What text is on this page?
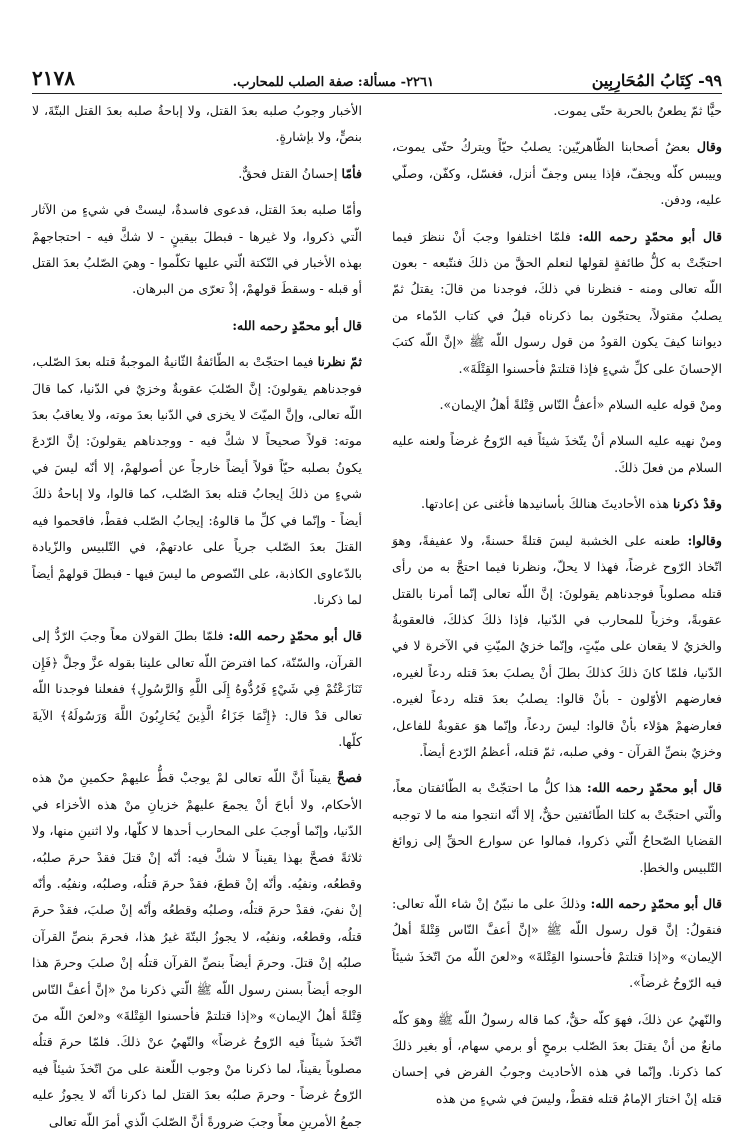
٩٩- كِتَابُ المُحَارِبِين
٢٢٦١- مسألة: صفة الصلب للمحارب.
٢١٧٨

حيًّا ثمّ يطعنُ بالحربة حتّى يموت.

وقال بعضُ أصحابنا الظّاهريّين: يصلبُ حيّاً ويتركُ حتّى يموت، وييبس كلّه ويجفّ، فإذا يبس وجفّ أنزل، فغسّل، وكفّن، وصلّي عليه، ودفن.

قال أبو محمّدٍ رحمه الله: فلمّا اختلفوا وجبَ أنْ ننظرَ فيما احتجّتْ به كلُّ طائفةٍ لقولها لنعلم الحقَّ من ذلكَ فنتّبعه - بعون اللّه تعالى ومنه - فنظرنا في ذلكَ، فوجدنا من قالَ: يقتلُ ثمّ يصلبُ مقتولاً، يحتجّون بما ذكرناه قبلُ في كتاب الدّماء من ديواننا كيفَ يكون القودُ من قول رسول اللّه ﷺ «إنَّ اللّه كتبَ الإحسانَ على كلِّ شيءٍ فإذا قتلتمْ فأحسنوا القِتْلَةَ».

ومنْ قوله عليه السلام «أعفُّ النّاس قِتْلةً أهلُ الإيمان».

ومنْ نهيه عليه السلام أنْ يتّخذَ شيئاً فيه الرّوحُ غرضاً ولعنه عليه السلام من فعلَ ذلكَ.

وقدْ ذكرنا هذه الأحاديثَ هنالكَ بأسانيدها فأغنى عن إعادتها.

وقالوا: طعنه على الخشبة ليسَ قتلةً حسنةً، ولا عفيفةً، وهوَ اتّخاذ الرّوح غرضاً، فهذا لا يحلّ، ونظرنا فيما احتجَّ به من رأى قتله مصلوباً فوجدناهم يقولونَ: إنَّ اللّه تعالى إنّما أمرنا بالقتل عقوبةً، وخزياً للمحارب في الدّنيا، فإذا ذلكَ كذلكَ، فالعقوبةُ والخزيُ لا يقعان على ميّتٍ، وإنّما خزيُ الميّتِ في الآخرة لا في الدّنيا، فلمّا كانَ ذلكَ كذلكَ بطلَ أنْ يصلبَ بعدَ قتله ردعاً لغيره، فعارضهم الأوّلون - بأنْ قالوا: يصلبُ بعدَ قتله ردعاً لغيره. فعارضهمْ هؤلاء بأنْ قالوا: ليسَ ردعاً، وإنّما هوَ عقوبةٌ للفاعل، وخزيٌ بنصِّ القرآن - وفي صلبه، ثمّ قتله، أعظمُ الرّدع أيضاً.

قال أبو محمّدٍ رحمه الله: هذا كلُّ ما احتجّتْ به الطّائفتان معاً، والّتي احتجّتْ به كلتا الطّائفتين حقٌّ، إلا أنّه انتجوا منه ما لا توجبه القضايا الصّحاحُ الّتي ذكروا، فمالوا عن سوارع الحقِّ إلى زوائغ التّلبيس والخطإ.

قال أبو محمّدٍ رحمه الله: وذلكَ على ما نبيّنُ إنْ شاء اللّه تعالى: فنقولُ: إنَّ قول رسول اللّه ﷺ «إنَّ أعفَّ النّاس قِتْلةً أهلُ الإيمان» و«إذا قتلتمْ فأحسنوا القِتْلةَ» و«لعنَ اللّه منَ اتّخذَ شيئاً فيه الرّوحُ غرضاً».

والنّهيُ عن ذلكَ، فهوَ كلّه حقٌّ، كما قاله رسولُ اللّه ﷺ وهوَ كلّه مانعٌ من أنْ يقتلَ بعدَ الصّلب برمحٍ أو برمي سهام، أو بغير ذلكَ كما ذكرنا. وإنّما في هذه الأحاديث وجوبُ الفرض في إحسان قتله إنْ اختارَ الإمامُ قتله فقطْ، وليسَ في شيءٍ من هذه

الأخبار وجوبُ صلبه بعدَ القتل، ولا إباحةُ صلبه بعدَ القتل البتّةَ، لا بنصٍّ، ولا بإشارةٍ.

فأمّا إحسانُ القتل فحقٌّ.

وأمّا صلبه بعدَ القتل، فدعوى فاسدةٌ، ليستْ في شيءٍ من الآثار الّتي ذكروا، ولا غيرها - فبطلَ بيقينٍ - لا شكَّ فيه - احتجاجهمْ بهذه الأخبار في النّكتة الّتي عليها تكلّموا - وهيَ الصّلبُ بعدَ القتل أو قبله - وسقطَ قولهمْ، إذْ تعرّى من البرهان.

قال أبو محمّدٍ رحمه الله:

ثمّ نظرنا فيما احتجّتْ به الطّائفةُ الثّانيةُ الموجبةُ قتله بعدَ الصّلب، فوجدناهم يقولونَ: إنَّ الصّلبَ عقوبةٌ وخزيٌ في الدّنيا، كما قالَ اللّه تعالى، وإنَّ الميّتَ لا يخزى في الدّنيا بعدَ موته، ولا يعاقبُ بعدَ موته: قولاً صحيحاً لا شكَّ فيه - ووجدناهم يقولونَ: إنَّ الرّدعَ يكونُ بصلبه حيّاً قولاً أيضاً خارجاً عن أصولهمْ، إلا أنّه ليسَ في شيءٍ من ذلكَ إيجابُ قتله بعدَ الصّلب، كما قالوا، ولا إباحةُ ذلكَ أيضاً - وإنّما في كلِّ ما قالوهُ: إيجابُ الصّلب فقطْ، فاقحموا فيه القتلَ بعدَ الصّلب جرياً على عادتهمْ، في التّلبيس والزّيادة بالدّعاوى الكاذبة، على النّصوص ما ليسَ فيها - فبطلَ قولهمْ أيضاً لما ذكرنا.

قال أبو محمّدٍ رحمه الله: فلمّا بطلَ القولان معاً وجبَ الرّدُّ إلى القرآن، والسّنّة، كما افترضَ اللّه تعالى علينا بقوله عزَّ وجلَّ ﴿فَإِن تَنَازَعْتُمْ فِي شَيْءٍ فَرُدُّوهُ إِلَى اللَّهِ وَالرَّسُولِ﴾ ففعلنا فوجدنا اللّه تعالى قدْ قال: ﴿إِنَّمَا جَزَاءُ الَّذِينَ يُحَارِبُونَ اللَّهَ وَرَسُولَهُ﴾ الآيةَ كلّها.

فصحَّ يقيناً أنَّ اللّه تعالى لمْ يوجبْ قطُّ عليهمْ حكمينِ منْ هذه الأحكام، ولا أباحَ أنْ يجمعَ عليهمْ خزيانِ منْ هذه الأخزاء في الدّنيا، وإنّما أوجبَ على المحارب أحدها لا كلّها، ولا اثنينِ منها، ولا ثلاثةً فصحَّ بهذا يقيناً لا شكَّ فيه: أنّه إنْ قتلَ فقدْ حرمَ صلبُه، وقطعُه، ونفيُه. وأنّه إنْ قطعَ، فقدْ حرمَ قتلُه، وصلبُه، ونفيُه. وأنّه إنْ نفيَ، فقدْ حرمَ قتلُه، وصلبُه وقطعُه وأنّه إنْ صلبَ، فقدْ حرمَ قتلُه، وقطعُه، ونفيُه، لا يجوزُ البتّةَ غيرُ هذا، فحرمَ بنصِّ القرآن صلبُه إنْ قتلَ. وحرمَ أيضاً بنصِّ القرآن قتلُه إنْ صلبَ وحرمَ هذا الوجه أيضاً بسنن رسول اللّه ﷺ الّتي ذكرنا منْ «إنَّ أعفَّ النّاس قِتْلةً أهلُ الإيمان» و«إذا قتلتمْ فأحسنوا القِتْلةَ» و«لعنَ اللّه منَ اتّخذَ شيئاً فيه الرّوحُ غرضاً» والنّهيُ عنْ ذلكَ. فلمّا حرمَ قتلُه مصلوباً يقيناً، لما ذكرنا منْ وجوب اللّعنة على منَ اتّخذَ شيئاً فيه الرّوحُ غرضاً - وحرمَ صلبُه بعدَ القتل لما ذكرنا أنّه لا يجوزُ عليه جمعُ الأمرينِ معاً وجبَ ضرورةً أنَّ الصّلبَ الّذي أمرَ اللّه تعالى
